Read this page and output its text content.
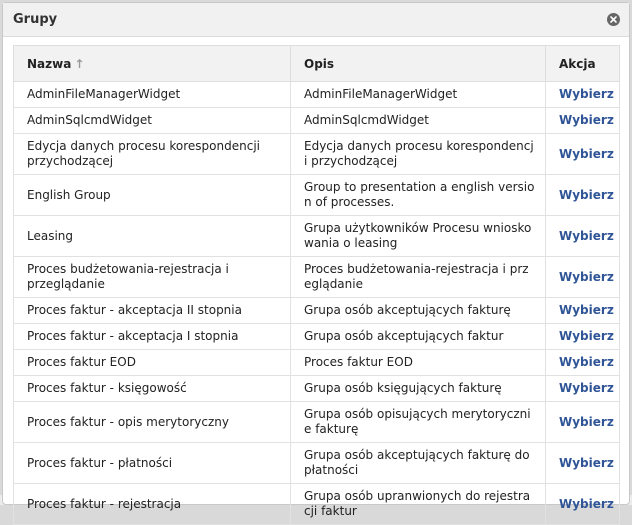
Grupy
Nazwa ↑	Opis	Akcja
AdminFileManagerWidget	AdminFileManagerWidget	Wybierz
AdminSqlcmdWidget	AdminSqlcmdWidget	Wybierz
Edycja danych procesu korespondencji przychodzącej	Edycja danych procesu korespondencji przychodzącej	Wybierz
English Group	Group to presentation a english version of processes.	Wybierz
Leasing	Grupa użytkowników Procesu wnioskowania o leasing	Wybierz
Proces budżetowania-rejestracja i przeglądanie	Proces budżetowania-rejestracja i przeglądanie	Wybierz
Proces faktur - akceptacja II stopnia	Grupa osób akceptujących fakturę	Wybierz
Proces faktur - akceptacja I stopnia	Grupa osób akceptujących faktur	Wybierz
Proces faktur EOD	Proces faktur EOD	Wybierz
Proces faktur - księgowość	Grupa osób księgujących fakturę	Wybierz
Proces faktur - opis merytoryczny	Grupa osób opisujących merytorycznie fakturę	Wybierz
Proces faktur - płatności	Grupa osób akceptujących fakturę do płatności	Wybierz
Proces faktur - rejestracja	Grupa osób upranwionych do rejestracji faktur	Wybierz
